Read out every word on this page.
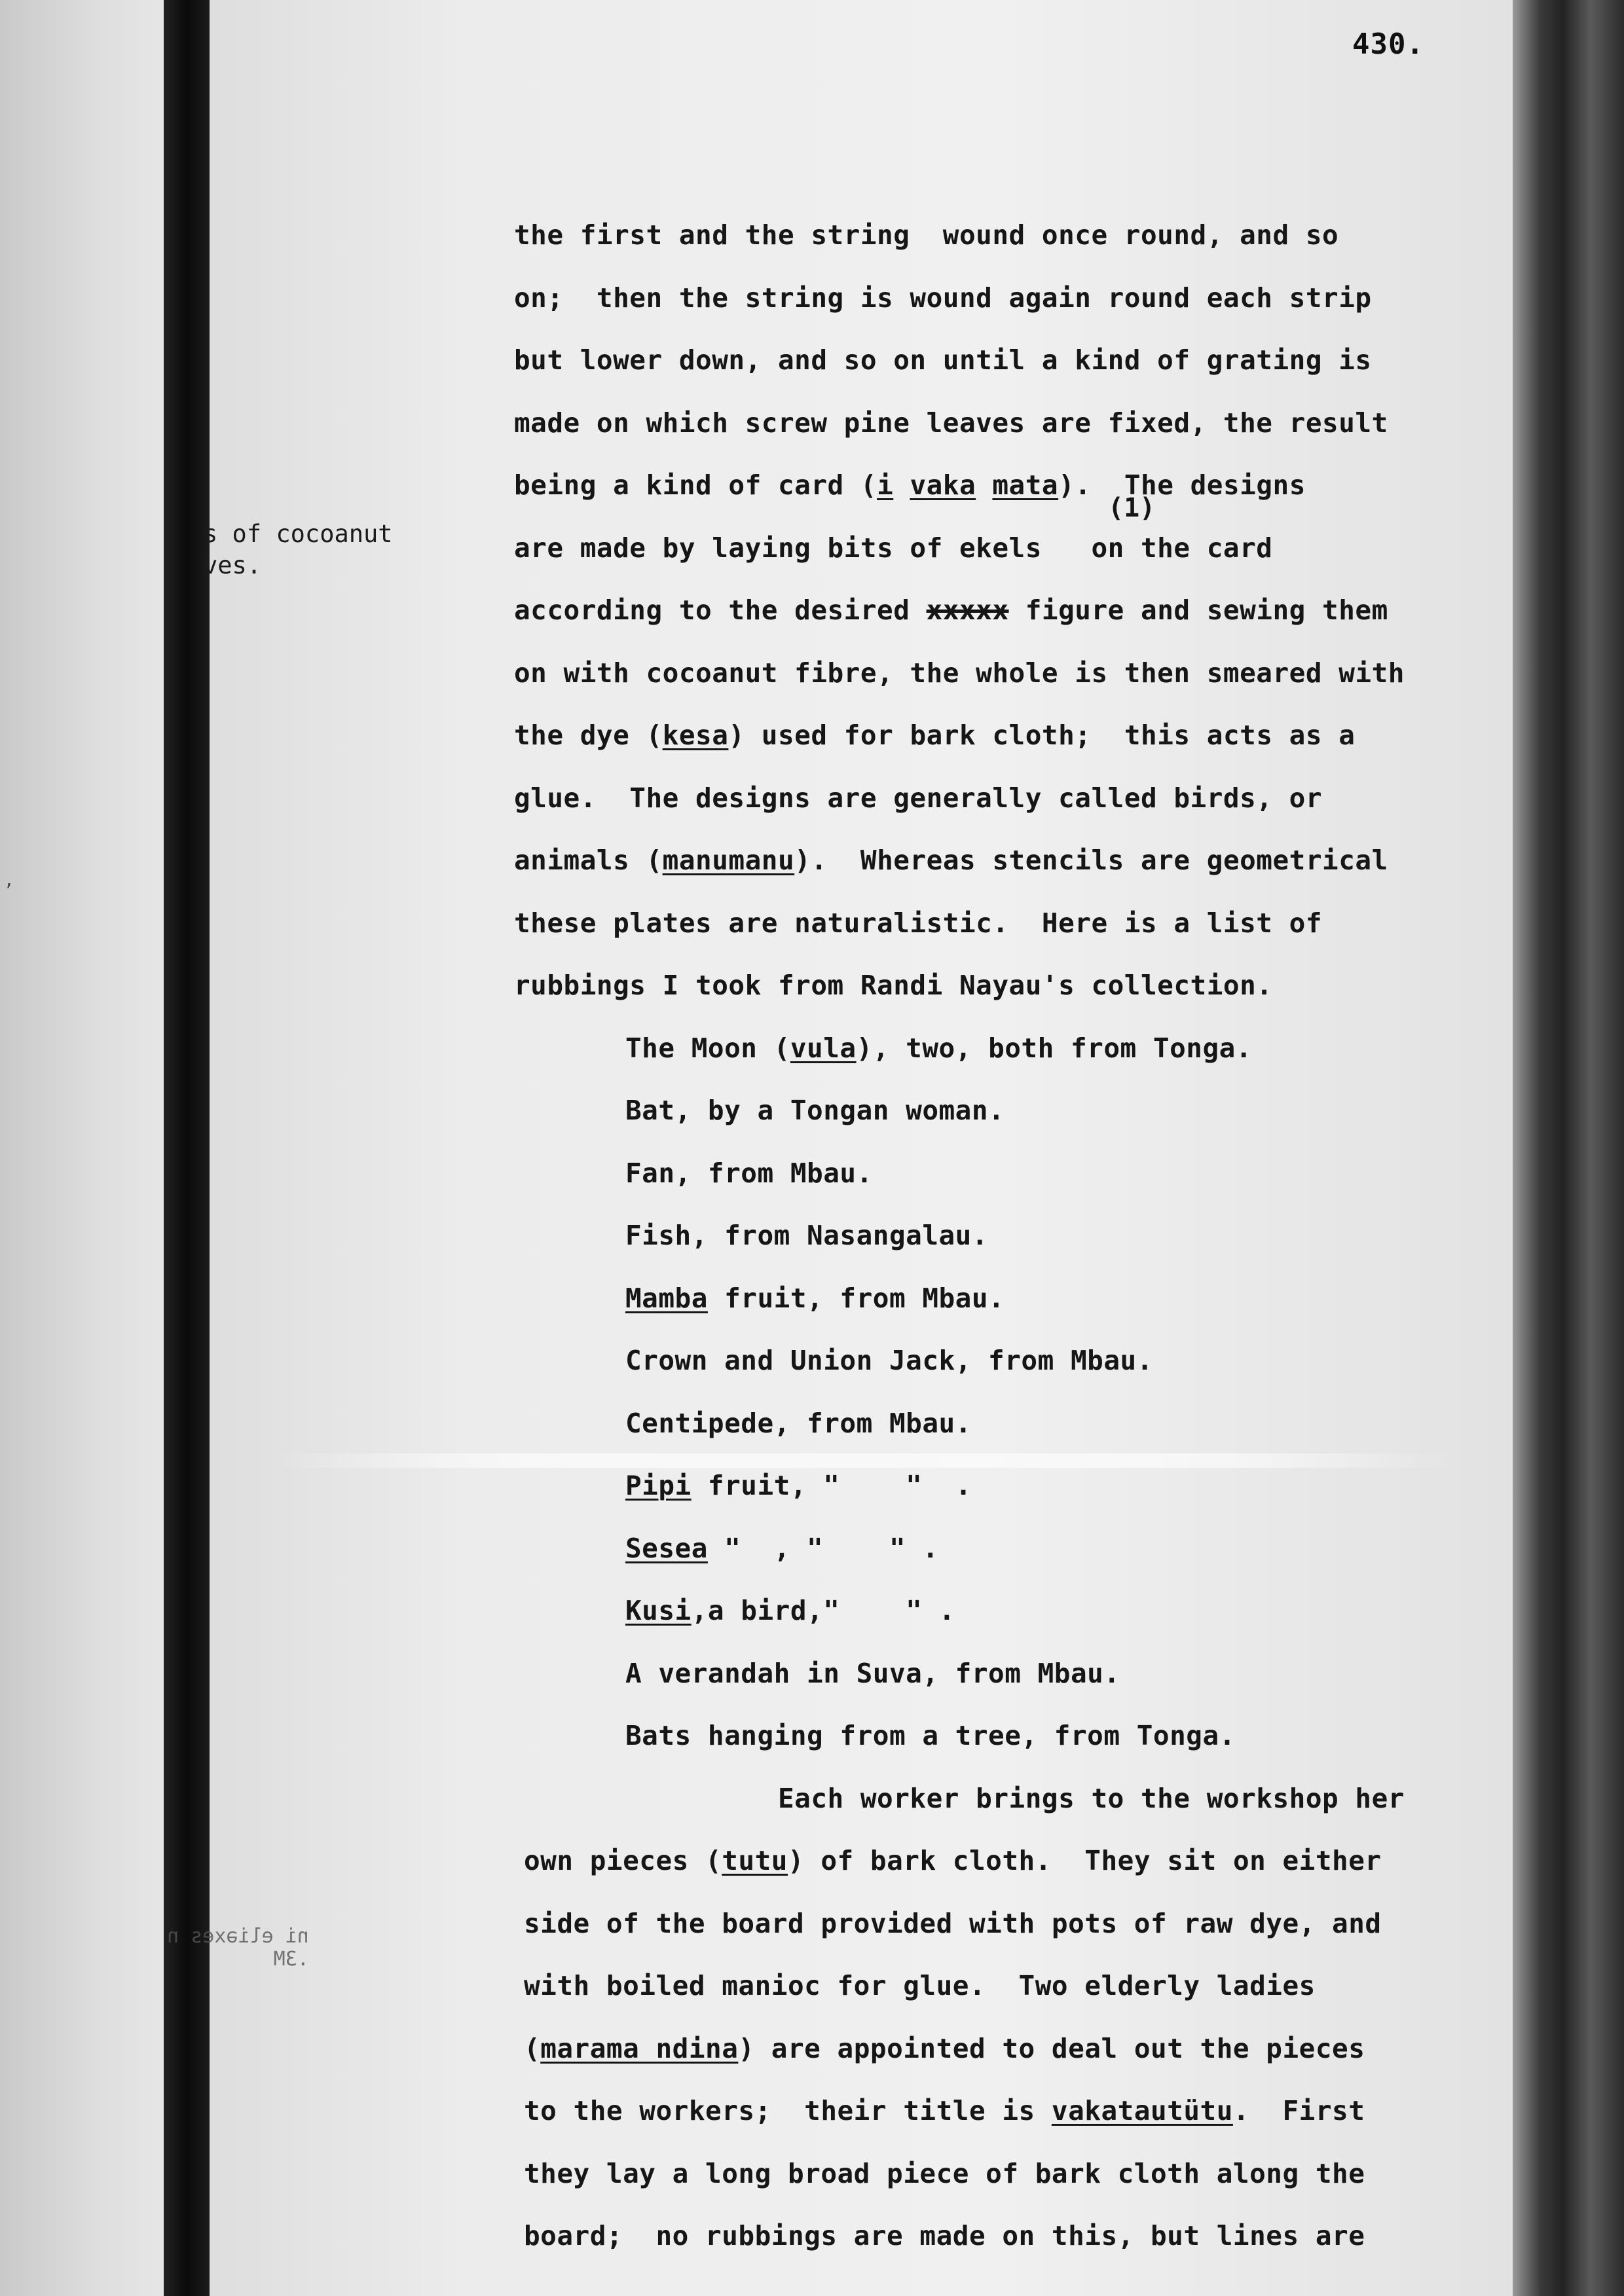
,
430.
s of cocoanut
ves.
ni eliəxes n
.3M
(1)
the first and the string  wound once round, and so
on;  then the string is wound again round each strip
but lower down, and so on until a kind of grating is
made on which screw pine leaves are fixed, the result
being a kind of card (i vaka mata).  The designs
are made by laying bits of ekels   on the card
according to the desired xxxxx figure and sewing them
on with cocoanut fibre, the whole is then smeared with
the dye (kesa) used for bark cloth;  this acts as a
glue.  The designs are generally called birds, or
animals (manumanu).  Whereas stencils are geometrical
these plates are naturalistic.  Here is a list of
rubbings I took from Randi Nayau's collection.
The Moon (vula), two, both from Tonga.
Bat, by a Tongan woman.
Fan, from Mbau.
Fish, from Nasangalau.
Mamba fruit, from Mbau.
Crown and Union Jack, from Mbau.
Centipede, from Mbau.
Pipi fruit, "    "  .
Sesea "  , "    " .
Kusi,a bird,"    " .
A verandah in Suva, from Mbau.
Bats hanging from a tree, from Tonga.
Each worker brings to the workshop her
own pieces (tutu) of bark cloth.  They sit on either
side of the board provided with pots of raw dye, and
with boiled manioc for glue.  Two elderly ladies
(marama ndina) are appointed to deal out the pieces
to the workers;  their title is vakatautütu.  First
they lay a long broad piece of bark cloth along the
board;  no rubbings are made on this, but lines are
